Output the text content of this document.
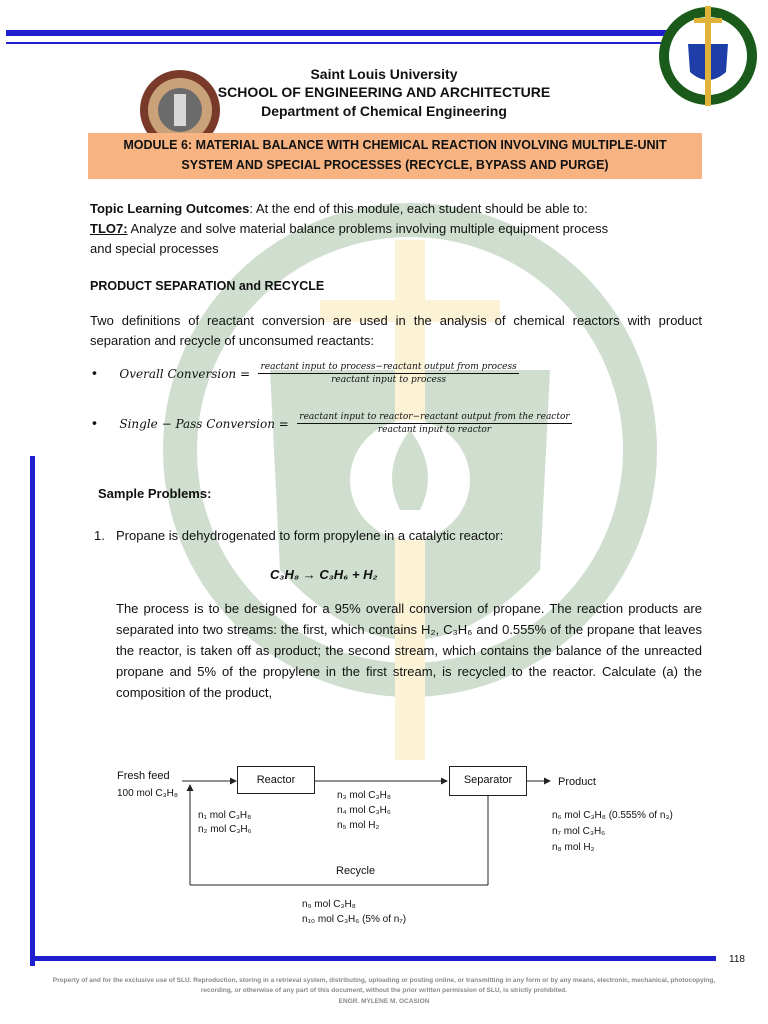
Saint Louis University
SCHOOL OF ENGINEERING AND ARCHITECTURE
Department of Chemical Engineering
MODULE 6: MATERIAL BALANCE WITH CHEMICAL REACTION INVOLVING MULTIPLE-UNIT
SYSTEM AND SPECIAL PROCESSES (RECYCLE, BYPASS AND PURGE)
Topic Learning Outcomes: At the end of this module, each student should be able to:
TLO7: Analyze and solve material balance problems involving multiple equipment process
and special processes
PRODUCT SEPARATION and RECYCLE
Two definitions of reactant conversion are used in the analysis of chemical reactors with product separation and recycle of unconsumed reactants:
• Overall Conversion = $\frac{\text{reactant input to process−reactant output from process}}{\text{reactant input to process}}$
• Single − Pass Conversion = $\frac{\text{reactant input to reactor−reactant output from the reactor}}{\text{reactant input to reactor}}$
Sample Problems:
1. Propane is dehydrogenated to form propylene in a catalytic reactor:
C₃H₈ → C₃H₆ + H₂
The process is to be designed for a 95% overall conversion of propane. The reaction products are separated into two streams: the first, which contains H₂, C₃H₆ and 0.555% of the propane that leaves the reactor, is taken off as product; the second stream, which contains the balance of the unreacted propane and 5% of the propylene in the first stream, is recycled to the reactor. Calculate (a) the composition of the product,
Reactor	Separator
Fresh feed
100 mol C₃H₈
Product
n₁ mol C₃H₈
n₂ mol C₃H₆
n₃ mol C₃H₈
n₄ mol C₃H₆
n₅ mol H₂
n₆ mol C₃H₈ (0.555% of n₃)
n₇ mol C₃H₆
n₈ mol H₂
Recycle
n₉ mol C₃H₈
n₁₀ mol C₃H₆ (5% of n₇)
118
Property of and for the exclusive use of SLU. Reproduction, storing in a retrieval system, distributing, uploading or posting online, or transmitting in any form or by any means, electronic, mechanical, photocopying,
recording, or otherwise of any part of this document, without the prior written permission of SLU, is strictly prohibited.
ENGR. MYLENE M. OCASION
